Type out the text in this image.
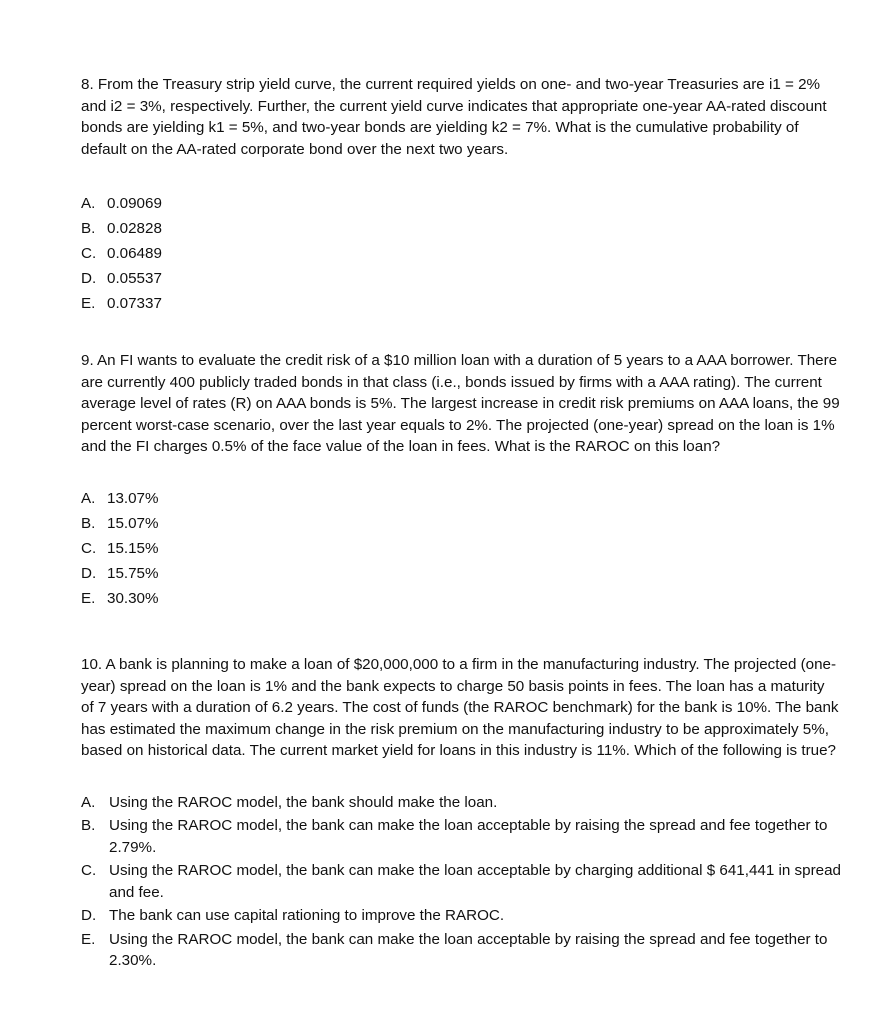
8. From the Treasury strip yield curve, the current required yields on one- and two-year Treasuries are i1 = 2% and i2 = 3%, respectively. Further, the current yield curve indicates that appropriate one-year AA-rated discount bonds are yielding k1 = 5%, and two-year bonds are yielding k2 = 7%. What is the cumulative probability of default on the AA-rated corporate bond over the next two years.

A. 0.09069
B. 0.02828
C. 0.06489
D. 0.05537
E. 0.07337

9. An FI wants to evaluate the credit risk of a $10 million loan with a duration of 5 years to a AAA borrower. There are currently 400 publicly traded bonds in that class (i.e., bonds issued by firms with a AAA rating). The current average level of rates (R) on AAA bonds is 5%. The largest increase in credit risk premiums on AAA loans, the 99 percent worst-case scenario, over the last year equals to 2%. The projected (one-year) spread on the loan is 1% and the FI charges 0.5% of the face value of the loan in fees. What is the RAROC on this loan?

A. 13.07%
B. 15.07%
C. 15.15%
D. 15.75%
E. 30.30%

10. A bank is planning to make a loan of $20,000,000 to a firm in the manufacturing industry. The projected (one-year) spread on the loan is 1% and the bank expects to charge 50 basis points in fees. The loan has a maturity of 7 years with a duration of 6.2 years. The cost of funds (the RAROC benchmark) for the bank is 10%. The bank has estimated the maximum change in the risk premium on the manufacturing industry to be approximately 5%, based on historical data. The current market yield for loans in this industry is 11%. Which of the following is true?

A. Using the RAROC model, the bank should make the loan.
B. Using the RAROC model, the bank can make the loan acceptable by raising the spread and fee together to 2.79%.
C. Using the RAROC model, the bank can make the loan acceptable by charging additional $ 641,441 in spread and fee.
D. The bank can use capital rationing to improve the RAROC.
E. Using the RAROC model, the bank can make the loan acceptable by raising the spread and fee together to 2.30%.
